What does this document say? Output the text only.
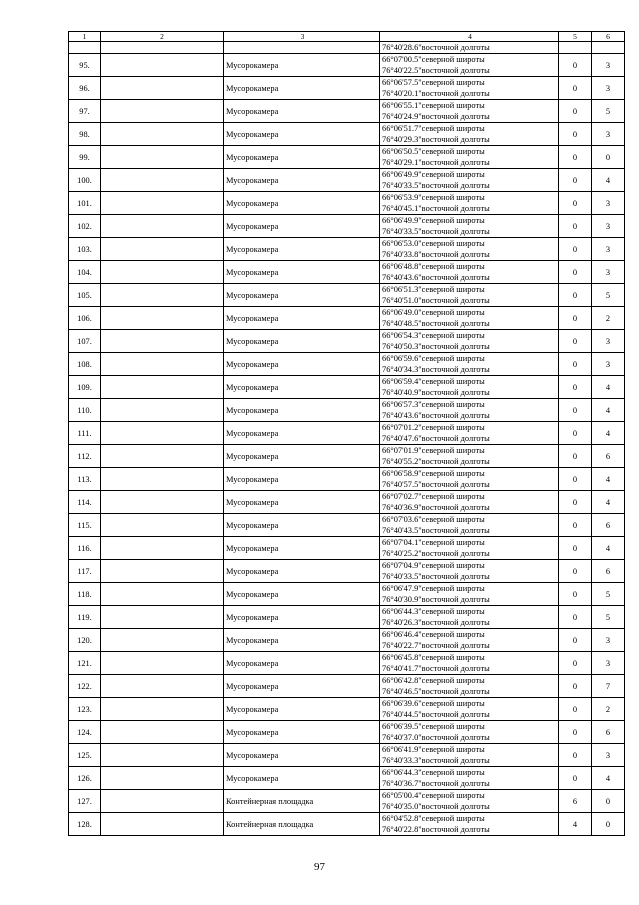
1	2	3	4	5	6
			76°40'28.6"восточной долготы		
95.		Мусорокамера	66°07'00.5"северной широты
76°40'22.5"восточной долготы	0	3
96.		Мусорокамера	66°06'57.5"северной широты
76°40'20.1"восточной долготы	0	3
97.		Мусорокамера	66°06'55.1"северной широты
76°40'24.9"восточной долготы	0	5
98.		Мусорокамера	66°06'51.7"северной широты
76°40'29.3"восточной долготы	0	3
99.		Мусорокамера	66°06'50.5"северной широты
76°40'29.1"восточной долготы	0	0
100.		Мусорокамера	66°06'49.9"северной широты
76°40'33.5"восточной долготы	0	4
101.		Мусорокамера	66°06'53.9"северной широты
76°40'45.1"восточной долготы	0	3
102.		Мусорокамера	66°06'49.9"северной широты
76°40'33.5"восточной долготы	0	3
103.		Мусорокамера	66°06'53.0"северной широты
76°40'33.8"восточной долготы	0	3
104.		Мусорокамера	66°06'48.8"северной широты
76°40'43.6"восточной долготы	0	3
105.		Мусорокамера	66°06'51.3"северной широты
76°40'51.0"восточной долготы	0	5
106.		Мусорокамера	66°06'49.0"северной широты
76°40'48.5"восточной долготы	0	2
107.		Мусорокамера	66°06'54.3"северной широты
76°40'50.3"восточной долготы	0	3
108.		Мусорокамера	66°06'59.6"северной широты
76°40'34.3"восточной долготы	0	3
109.		Мусорокамера	66°06'59.4"северной широты
76°40'40.9"восточной долготы	0	4
110.		Мусорокамера	66°06'57.3"северной широты
76°40'43.6"восточной долготы	0	4
111.		Мусорокамера	66°07'01.2"северной широты
76°40'47.6"восточной долготы	0	4
112.		Мусорокамера	66°07'01.9"северной широты
76°40'55.2"восточной долготы	0	6
113.		Мусорокамера	66°06'58.9"северной широты
76°40'57.5"восточной долготы	0	4
114.		Мусорокамера	66°07'02.7"северной широты
76°40'36.9"восточной долготы	0	4
115.		Мусорокамера	66°07'03.6"северной широты
76°40'43.5"восточной долготы	0	6
116.		Мусорокамера	66°07'04.1"северной широты
76°40'25.2"восточной долготы	0	4
117.		Мусорокамера	66°07'04.9"северной широты
76°40'33.5"восточной долготы	0	6
118.		Мусорокамера	66°06'47.9"северной широты
76°40'30.9"восточной долготы	0	5
119.		Мусорокамера	66°06'44.3"северной широты
76°40'26.3"восточной долготы	0	5
120.		Мусорокамера	66°06'46.4"северной широты
76°40'22.7"восточной долготы	0	3
121.		Мусорокамера	66°06'45.8"северной широты
76°40'41.7"восточной долготы	0	3
122.		Мусорокамера	66°06'42.8"северной широты
76°40'46.5"восточной долготы	0	7
123.		Мусорокамера	66°06'39.6"северной широты
76°40'44.5"восточной долготы	0	2
124.		Мусорокамера	66°06'39.5"северной широты
76°40'37.0"восточной долготы	0	6
125.		Мусорокамера	66°06'41.9"северной широты
76°40'33.3"восточной долготы	0	3
126.		Мусорокамера	66°06'44.3"северной широты
76°40'36.7"восточной долготы	0	4
127.		Контейнерная площадка	66°05'00.4"северной широты
76°40'35.0"восточной долготы	6	0
128.		Контейнерная площадка	66°04'52.8"северной широты
76°40'22.8"восточной долготы	4	0
97
